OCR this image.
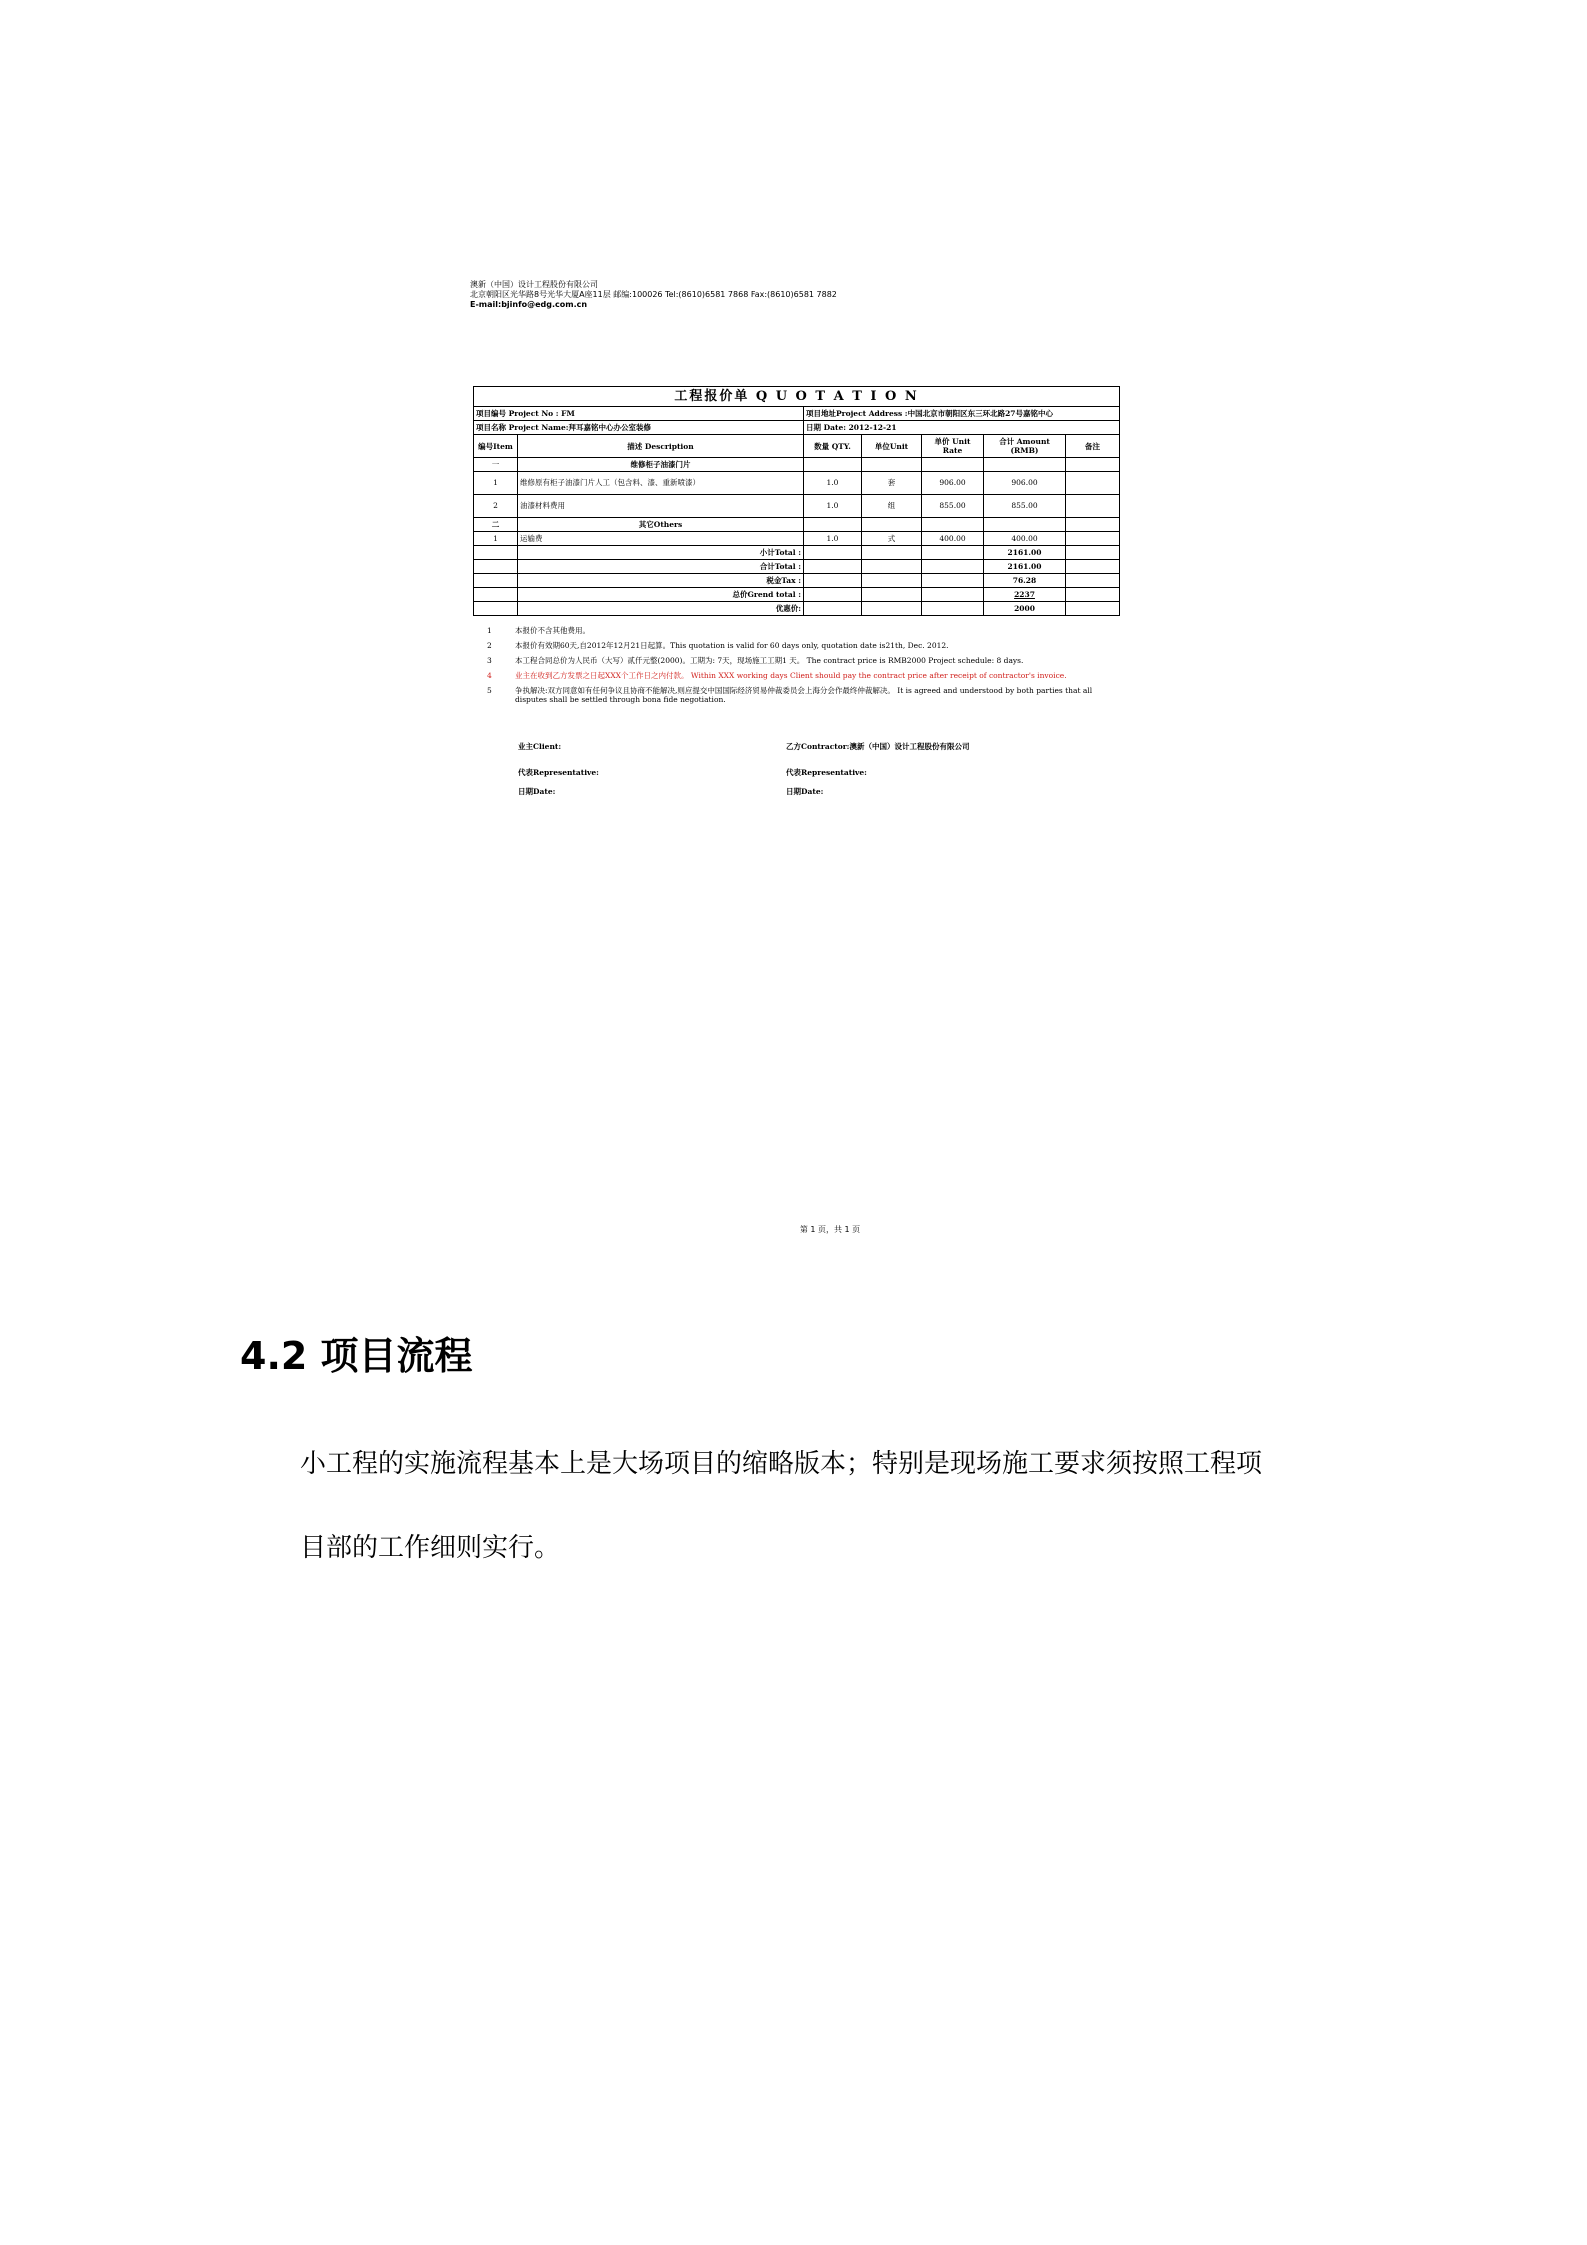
澳新（中国）设计工程股份有限公司
北京朝阳区光华路8号光华大厦A座11层 邮编:100026 Tel:(8610)6581 7868 Fax:(8610)6581 7882
E-mail:bjinfo@edg.com.cn
工程报价单 Q U O T A T I O N						
项目编号 Project No : FM		项目地址Project Address :中国北京市朝阳区东三环北路27号嘉铭中心				
项目名称 Project Name:拜耳嘉铭中心办公室装修		日期 Date: 2012-12-21				
编号Item	描述 Description	数量 QTY.	单位Unit	单价 Unit Rate	合计 Amount (RMB)	备注
一	维修柜子油漆门片					
1	维修原有柜子油漆门片人工（包含料、漆、重新喷漆）	1.0	套	906.00	906.00	
2	油漆材料费用	1.0	组	855.00	855.00	
二	其它Others					
1	运输费	1.0	式	400.00	400.00	
	小计Total :				2161.00	
	合计Total :				2161.00	
	税金Tax :				76.28	
	总价Grend total :				2237	
	优惠价:				2000	
1	本报价不含其他费用。
2	本报价有效期60天,自2012年12月21日起算。This quotation is valid for 60 days only, quotation date is21th, Dec. 2012.
3	本工程合同总价为人民币（大写）贰仟元整(2000)。工期为: 7天，现场施工工期1 天。 The contract price is RMB2000 Project schedule: 8 days.
4	业主在收到乙方发票之日起XXX个工作日之内付款。 Within XXX working days Client should pay the contract price after receipt of contractor's invoice.
5	争执解决:双方同意如有任何争议且协商不能解决,则应提交中国国际经济贸易仲裁委员会上海分会作最终仲裁解决。 It is agreed and understood by both parties that all disputes shall be settled through bona fide negotiation.
业主Client:	乙方Contractor:澳新（中国）设计工程股份有限公司
代表Representative:	代表Representative:
日期Date:	日期Date:
第 1 页，共 1 页
4.2 项目流程
小工程的实施流程基本上是大场项目的缩略版本；特别是现场施工要求须按照工程项
目部的工作细则实行。
